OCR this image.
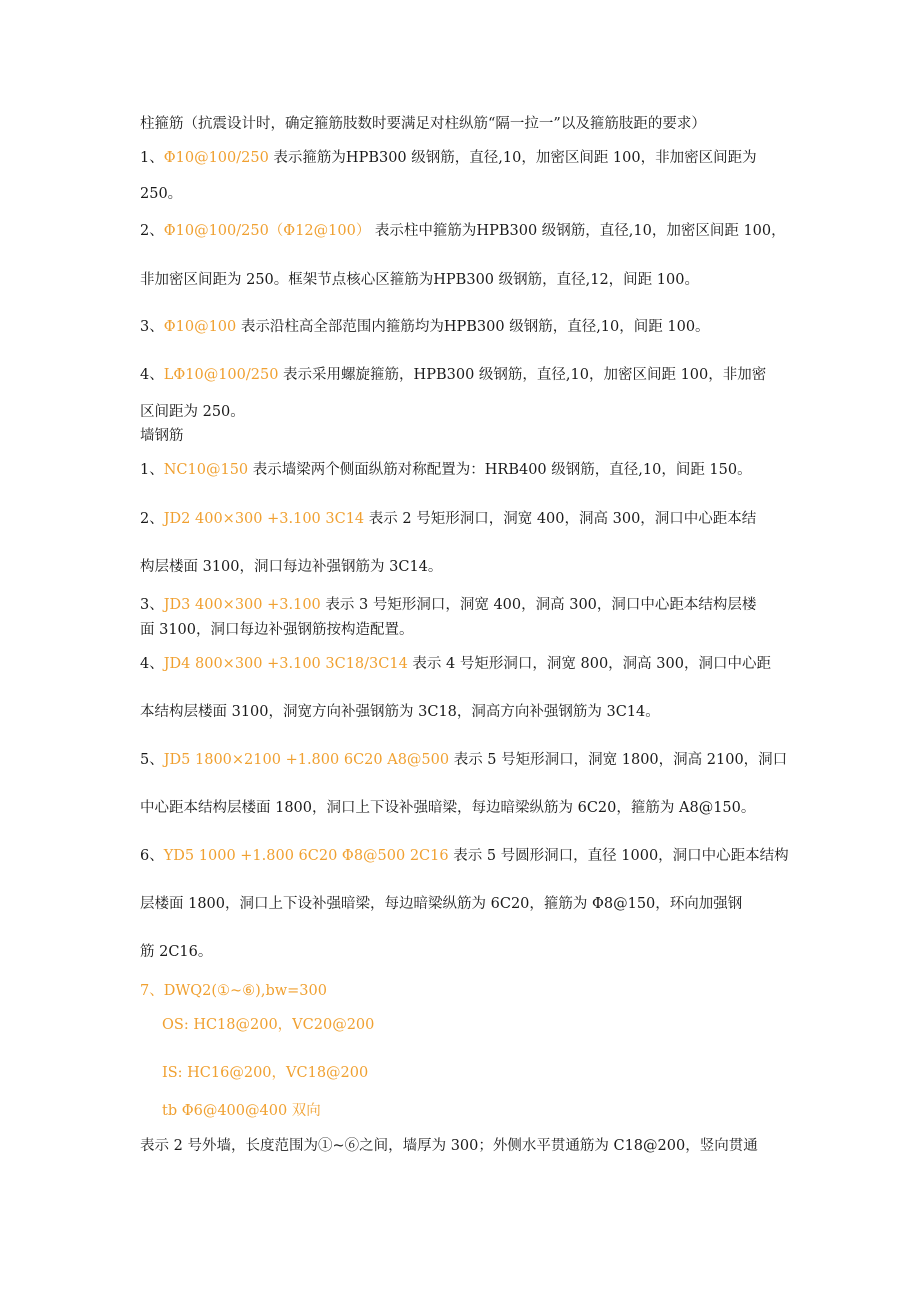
柱箍筋（抗震设计时，确定箍筋肢数时要满足对柱纵筋“隔一拉一”以及箍筋肢距的要求）
1、Φ10@100/250 表示箍筋为HPB300 级钢筋，直径,10，加密区间距 100，非加密区间距为
250。
2、Φ10@100/250（Φ12@100） 表示柱中箍筋为HPB300 级钢筋，直径,10，加密区间距 100，
非加密区间距为 250。框架节点核心区箍筋为HPB300 级钢筋，直径,12，间距 100。
3、Φ10@100 表示沿柱高全部范围内箍筋均为HPB300 级钢筋，直径,10，间距 100。
4、LΦ10@100/250 表示采用螺旋箍筋，HPB300 级钢筋，直径,10，加密区间距 100，非加密
区间距为 250。
墙钢筋
1、NC10@150 表示墙梁两个侧面纵筋对称配置为：HRB400 级钢筋，直径,10，间距 150。
2、JD2 400×300 +3.100 3C14 表示 2 号矩形洞口，洞宽 400，洞高 300，洞口中心距本结
构层楼面 3100，洞口每边补强钢筋为 3C14。
3、JD3 400×300 +3.100 表示 3 号矩形洞口，洞宽 400，洞高 300，洞口中心距本结构层楼
面 3100，洞口每边补强钢筋按构造配置。
4、JD4 800×300 +3.100 3C18/3C14 表示 4 号矩形洞口，洞宽 800，洞高 300，洞口中心距
本结构层楼面 3100，洞宽方向补强钢筋为 3C18，洞高方向补强钢筋为 3C14。
5、JD5 1800×2100 +1.800 6C20 A8@500 表示 5 号矩形洞口，洞宽 1800，洞高 2100，洞口
中心距本结构层楼面 1800，洞口上下设补强暗梁，每边暗梁纵筋为 6C20，箍筋为 A8@150。
6、YD5 1000 +1.800 6C20 Φ8@500 2C16 表示 5 号圆形洞口，直径 1000，洞口中心距本结构
层楼面 1800，洞口上下设补强暗梁，每边暗梁纵筋为 6C20，箍筋为 Φ8@150，环向加强钢
筋 2C16。
7、DWQ2(①~⑥),bw=300
OS: HC18@200，VC20@200
IS: HC16@200，VC18@200
tb Φ6@400@400 双向
表示 2 号外墙，长度范围为①~⑥之间，墙厚为 300；外侧水平贯通筋为 C18@200，竖向贯通
